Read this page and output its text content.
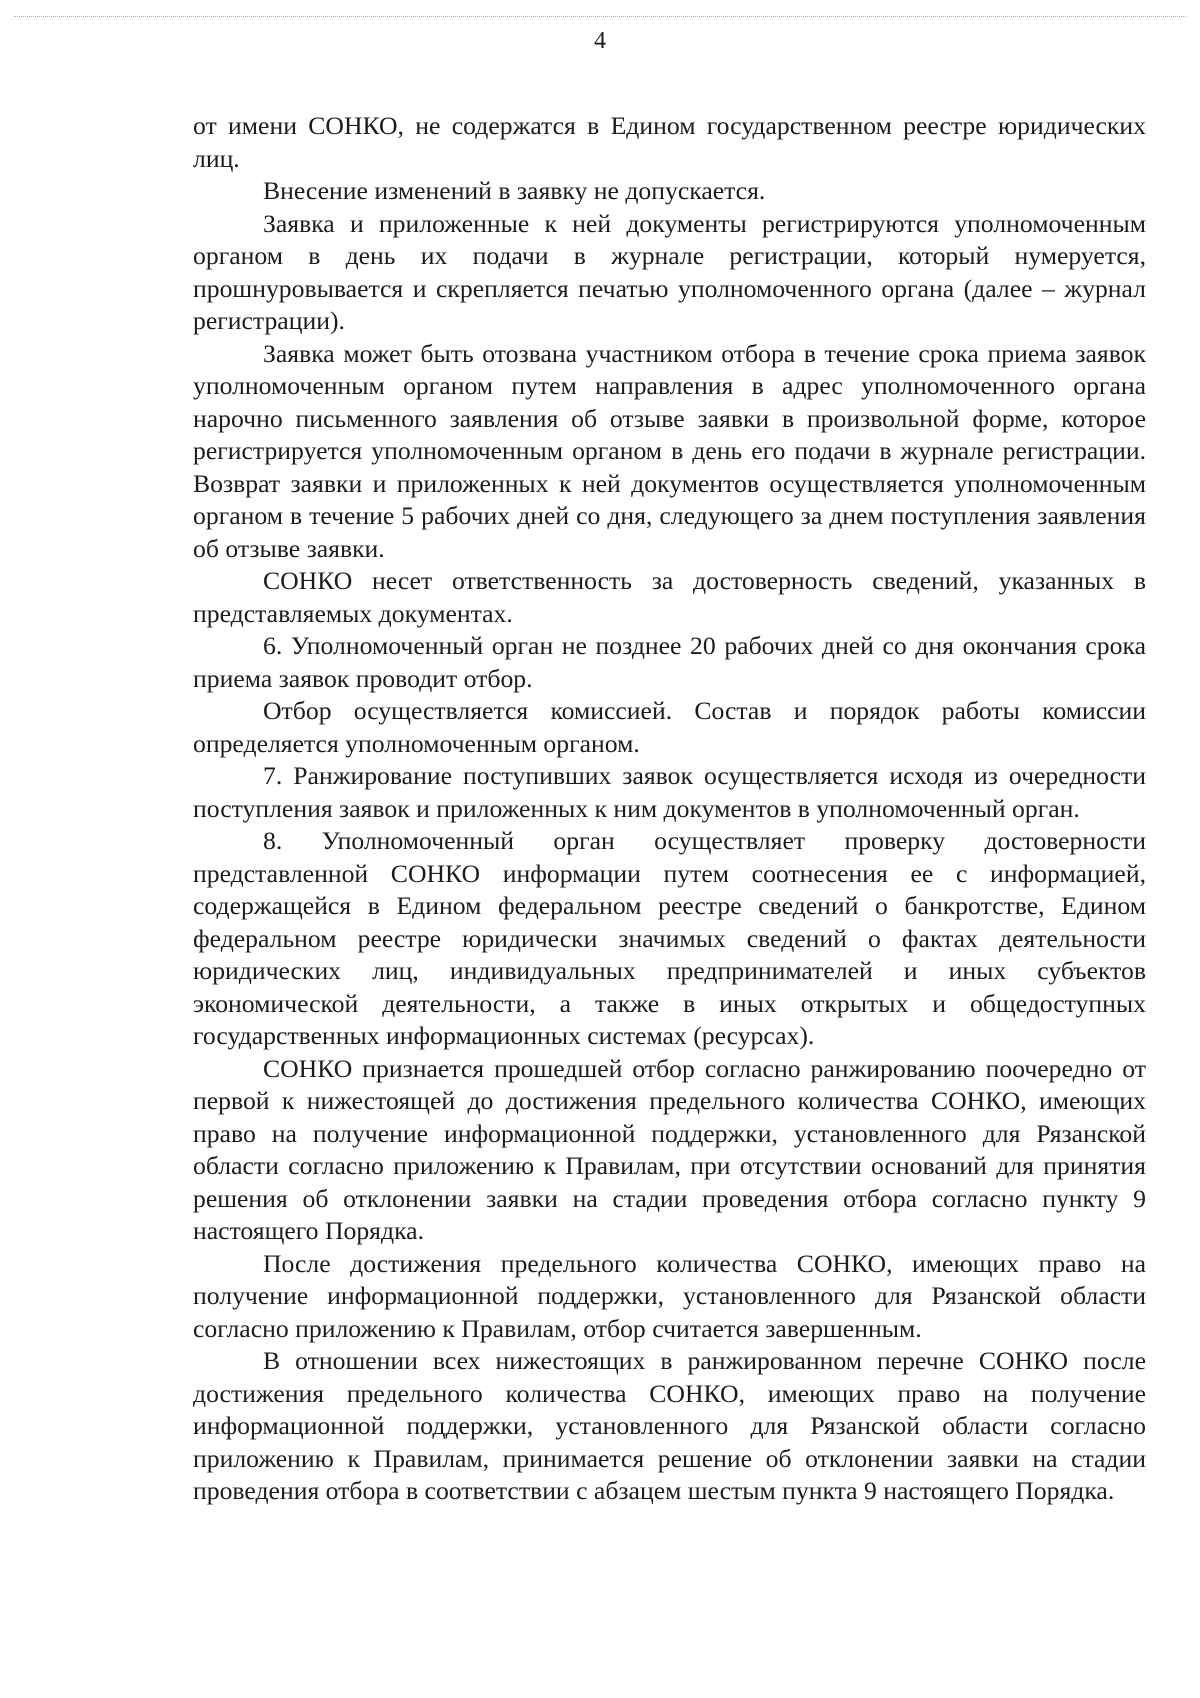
4

от имени СОНКО, не содержатся в Едином государственном реестре юридических лиц.

Внесение изменений в заявку не допускается.

Заявка и приложенные к ней документы регистрируются уполномоченным органом в день их подачи в журнале регистрации, который нумеруется, прошнуровывается и скрепляется печатью уполномоченного органа (далее – журнал регистрации).

Заявка может быть отозвана участником отбора в течение срока приема заявок уполномоченным органом путем направления в адрес уполномоченного органа нарочно письменного заявления об отзыве заявки в произвольной форме, которое регистрируется уполномоченным органом в день его подачи в журнале регистрации. Возврат заявки и приложенных к ней документов осуществляется уполномоченным органом в течение 5 рабочих дней со дня, следующего за днем поступления заявления об отзыве заявки.

СОНКО несет ответственность за достоверность сведений, указанных в представляемых документах.

6. Уполномоченный орган не позднее 20 рабочих дней со дня окончания срока приема заявок проводит отбор.

Отбор осуществляется комиссией. Состав и порядок работы комиссии определяется уполномоченным органом.

7. Ранжирование поступивших заявок осуществляется исходя из очередности поступления заявок и приложенных к ним документов в уполномоченный орган.

8. Уполномоченный орган осуществляет проверку достоверности представленной СОНКО информации путем соотнесения ее с информацией, содержащейся в Едином федеральном реестре сведений о банкротстве, Едином федеральном реестре юридически значимых сведений о фактах деятельности юридических лиц, индивидуальных предпринимателей и иных субъектов экономической деятельности, а также в иных открытых и общедоступных государственных информационных системах (ресурсах).

СОНКО признается прошедшей отбор согласно ранжированию поочередно от первой к нижестоящей до достижения предельного количества СОНКО, имеющих право на получение информационной поддержки, установленного для Рязанской области согласно приложению к Правилам, при отсутствии оснований для принятия решения об отклонении заявки на стадии проведения отбора согласно пункту 9 настоящего Порядка.

После достижения предельного количества СОНКО, имеющих право на получение информационной поддержки, установленного для Рязанской области согласно приложению к Правилам, отбор считается завершенным.

В отношении всех нижестоящих в ранжированном перечне СОНКО после достижения предельного количества СОНКО, имеющих право на получение информационной поддержки, установленного для Рязанской области согласно приложению к Правилам, принимается решение об отклонении заявки на стадии проведения отбора в соответствии с абзацем шестым пункта 9 настоящего Порядка.
